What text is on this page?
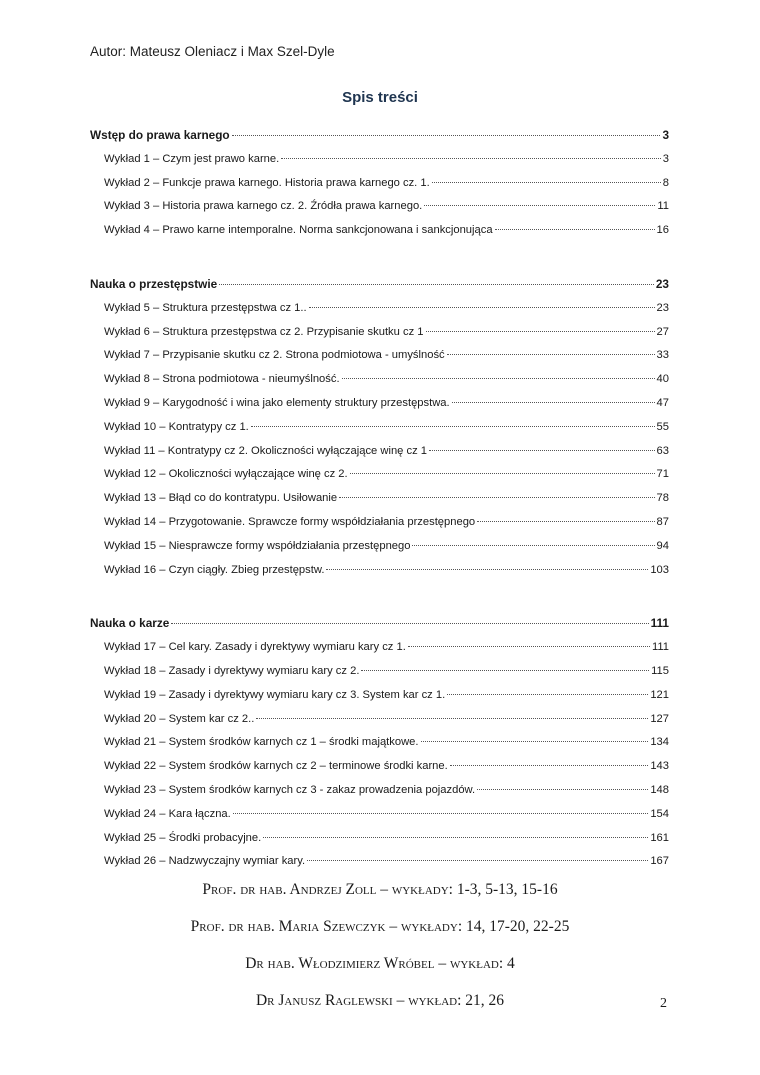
Autor: Mateusz Oleniacz i Max Szel-Dyle
Spis treści
Wstęp do prawa karnego	3
Wykład 1 – Czym jest prawo karne.	3
Wykład 2 – Funkcje prawa karnego. Historia prawa karnego cz. 1.	8
Wykład 3 – Historia prawa karnego cz. 2. Źródła prawa karnego.	11
Wykład 4 – Prawo karne intemporalne. Norma sankcjonowana i sankcjonująca	16
Nauka o przestępstwie	23
Wykład 5 – Struktura przestępstwa cz 1..	23
Wykład 6 – Struktura przestępstwa cz 2. Przypisanie skutku cz 1	27
Wykład 7 – Przypisanie skutku cz 2. Strona podmiotowa - umyślność	33
Wykład 8 – Strona podmiotowa - nieumyślność.	40
Wykład 9 – Karygodność i wina jako elementy struktury przestępstwa.	47
Wykład 10 – Kontratypy cz 1.	55
Wykład 11 – Kontratypy cz 2. Okoliczności wyłączające winę cz 1	63
Wykład 12 – Okoliczności wyłączające winę cz 2.	71
Wykład 13 – Błąd co do kontratypu. Usiłowanie	78
Wykład 14 – Przygotowanie. Sprawcze formy współdziałania przestępnego	87
Wykład 15 – Niesprawcze formy współdziałania przestępnego	94
Wykład 16 – Czyn ciągły. Zbieg przestępstw.	103
Nauka o karze	111
Wykład 17 – Cel kary. Zasady i dyrektywy wymiaru kary cz 1.	111
Wykład 18 – Zasady i dyrektywy wymiaru kary cz 2.	115
Wykład 19 – Zasady i dyrektywy wymiaru kary cz 3. System kar cz 1.	121
Wykład 20 – System kar cz 2..	127
Wykład 21 – System środków karnych cz 1 – środki majątkowe.	134
Wykład 22 – System środków karnych cz 2 – terminowe środki karne.	143
Wykład 23 – System środków karnych cz 3 - zakaz prowadzenia pojazdów.	148
Wykład 24 – Kara łączna.	154
Wykład 25 – Środki probacyjne.	161
Wykład 26 – Nadzwyczajny wymiar kary.	167
Prof. dr hab. Andrzej Zoll – wykłady: 1-3, 5-13, 15-16
Prof. dr hab. Maria Szewczyk – wykłady: 14, 17-20, 22-25
Dr hab. Włodzimierz Wróbel – wykład: 4
Dr Janusz Raglewski – wykład: 21, 26	2
